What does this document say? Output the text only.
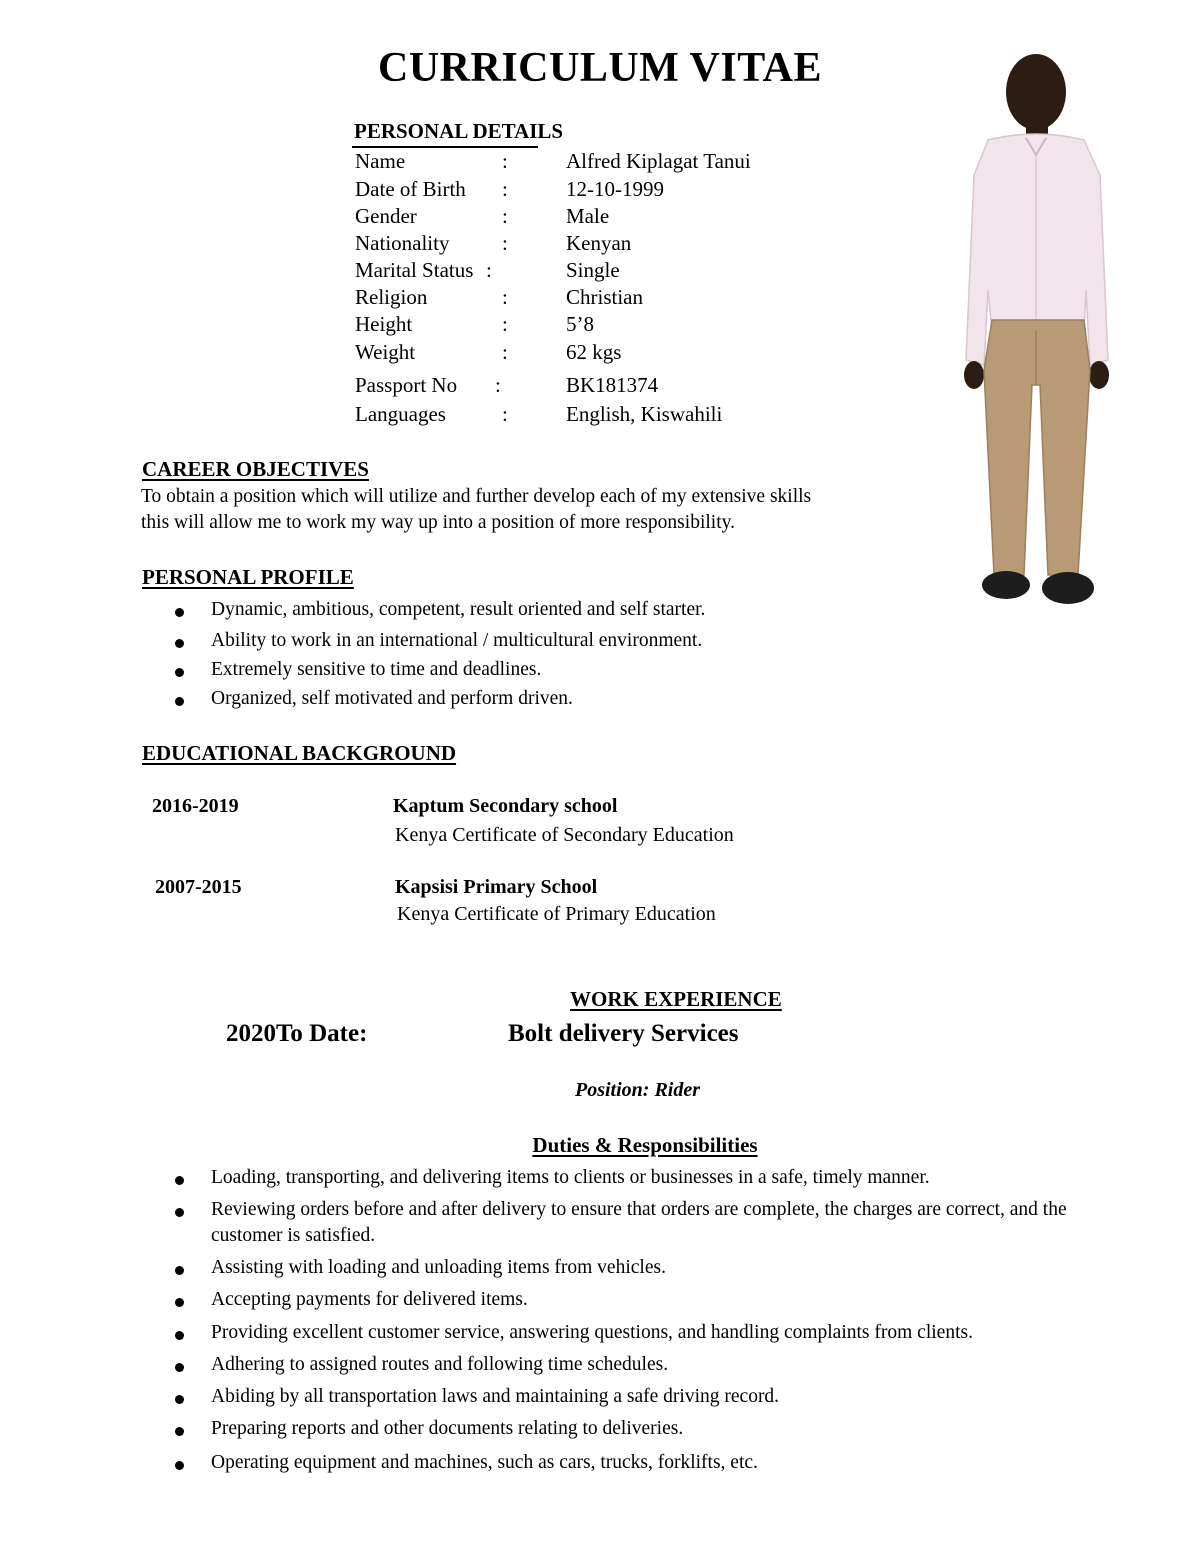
CURRICULUM VITAE
PERSONAL DETAILS
Name	:	Alfred Kiplagat Tanui
Date of Birth :	12-10-1999
Gender	:	Male
Nationality	:	Kenyan
Marital Status :	Single
Religion	:	Christian
Height	:	5’8
Weight	:	62 kgs
Passport No :	BK181374
Languages	:	English, Kiswahili
CAREER OBJECTIVES
To obtain a position which will utilize and further develop each of my extensive skills
this will allow me to work my way up into a position of more responsibility.
PERSONAL PROFILE
Dynamic, ambitious, competent, result oriented and self starter.
Ability to work in an international / multicultural environment.
Extremely sensitive to time and deadlines.
Organized, self motivated and perform driven.
EDUCATIONAL BACKGROUND
2016-2019	Kaptum Secondary school
Kenya Certificate of Secondary Education
2007-2015	Kapsisi Primary School
Kenya Certificate of Primary Education
WORK EXPERIENCE
2020To Date:	Bolt delivery Services
Position: Rider
Duties & Responsibilities
Loading, transporting, and delivering items to clients or businesses in a safe, timely manner.
Reviewing orders before and after delivery to ensure that orders are complete, the charges are correct, and the
customer is satisfied.
Assisting with loading and unloading items from vehicles.
Accepting payments for delivered items.
Providing excellent customer service, answering questions, and handling complaints from clients.
Adhering to assigned routes and following time schedules.
Abiding by all transportation laws and maintaining a safe driving record.
Preparing reports and other documents relating to deliveries.
Operating equipment and machines, such as cars, trucks, forklifts, etc.
